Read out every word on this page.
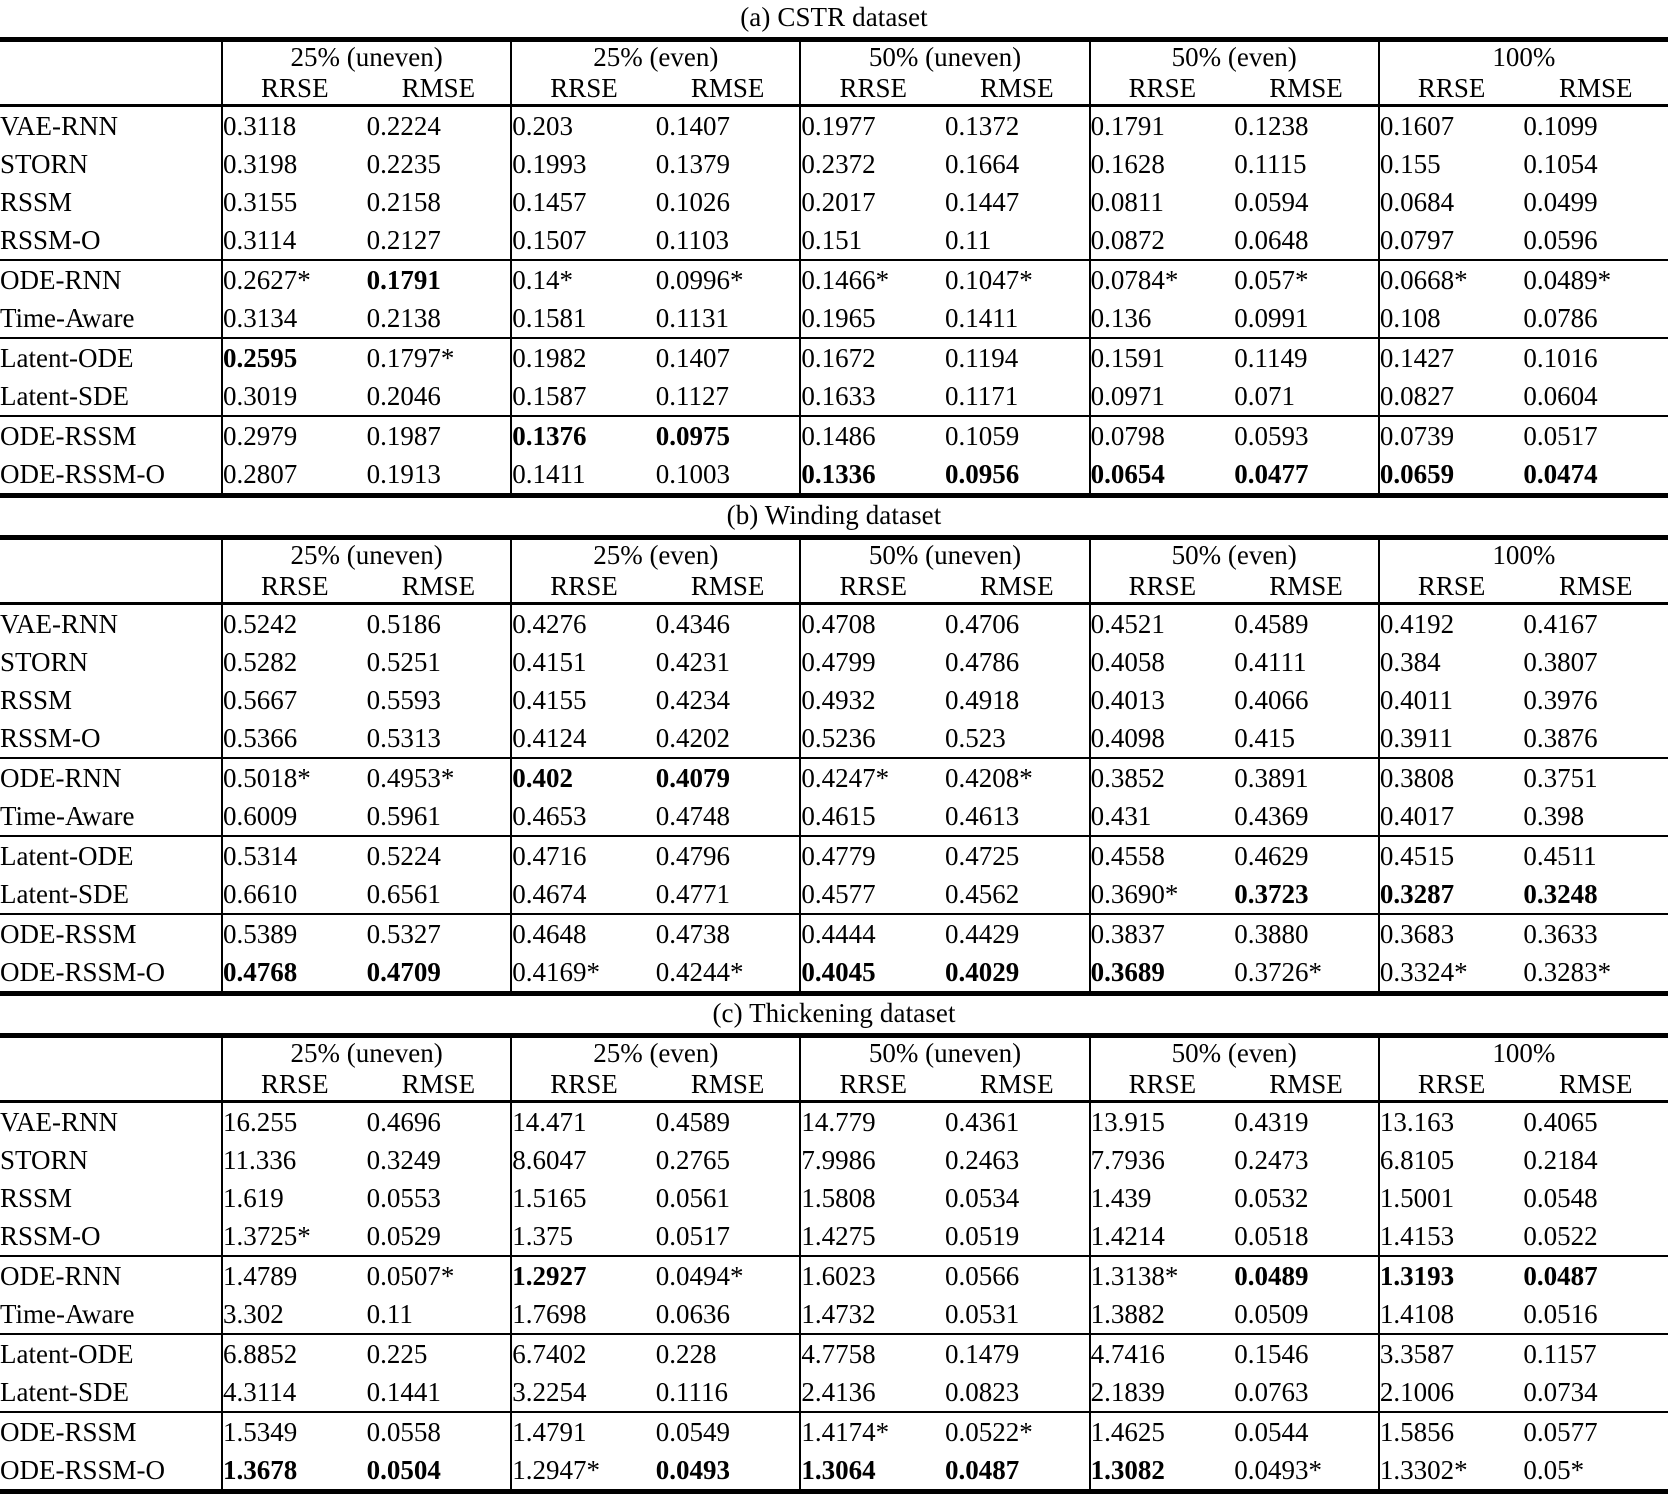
(a) CSTR dataset
	25% (uneven)		25% (even)		50% (uneven)		50% (even)		100%	
	RRSE	RMSE	RRSE	RMSE	RRSE	RMSE	RRSE	RMSE	RRSE	RMSE
VAE-RNN	0.3118	0.2224	0.203	0.1407	0.1977	0.1372	0.1791	0.1238	0.1607	0.1099
STORN	0.3198	0.2235	0.1993	0.1379	0.2372	0.1664	0.1628	0.1115	0.155	0.1054
RSSM	0.3155	0.2158	0.1457	0.1026	0.2017	0.1447	0.0811	0.0594	0.0684	0.0499
RSSM-O	0.3114	0.2127	0.1507	0.1103	0.151	0.11	0.0872	0.0648	0.0797	0.0596
ODE-RNN	0.2627*	0.1791	0.14*	0.0996*	0.1466*	0.1047*	0.0784*	0.057*	0.0668*	0.0489*
Time-Aware	0.3134	0.2138	0.1581	0.1131	0.1965	0.1411	0.136	0.0991	0.108	0.0786
Latent-ODE	0.2595	0.1797*	0.1982	0.1407	0.1672	0.1194	0.1591	0.1149	0.1427	0.1016
Latent-SDE	0.3019	0.2046	0.1587	0.1127	0.1633	0.1171	0.0971	0.071	0.0827	0.0604
ODE-RSSM	0.2979	0.1987	0.1376	0.0975	0.1486	0.1059	0.0798	0.0593	0.0739	0.0517
ODE-RSSM-O	0.2807	0.1913	0.1411	0.1003	0.1336	0.0956	0.0654	0.0477	0.0659	0.0474
(b) Winding dataset
	25% (uneven)		25% (even)		50% (uneven)		50% (even)		100%	
	RRSE	RMSE	RRSE	RMSE	RRSE	RMSE	RRSE	RMSE	RRSE	RMSE
VAE-RNN	0.5242	0.5186	0.4276	0.4346	0.4708	0.4706	0.4521	0.4589	0.4192	0.4167
STORN	0.5282	0.5251	0.4151	0.4231	0.4799	0.4786	0.4058	0.4111	0.384	0.3807
RSSM	0.5667	0.5593	0.4155	0.4234	0.4932	0.4918	0.4013	0.4066	0.4011	0.3976
RSSM-O	0.5366	0.5313	0.4124	0.4202	0.5236	0.523	0.4098	0.415	0.3911	0.3876
ODE-RNN	0.5018*	0.4953*	0.402	0.4079	0.4247*	0.4208*	0.3852	0.3891	0.3808	0.3751
Time-Aware	0.6009	0.5961	0.4653	0.4748	0.4615	0.4613	0.431	0.4369	0.4017	0.398
Latent-ODE	0.5314	0.5224	0.4716	0.4796	0.4779	0.4725	0.4558	0.4629	0.4515	0.4511
Latent-SDE	0.6610	0.6561	0.4674	0.4771	0.4577	0.4562	0.3690*	0.3723	0.3287	0.3248
ODE-RSSM	0.5389	0.5327	0.4648	0.4738	0.4444	0.4429	0.3837	0.3880	0.3683	0.3633
ODE-RSSM-O	0.4768	0.4709	0.4169*	0.4244*	0.4045	0.4029	0.3689	0.3726*	0.3324*	0.3283*
(c) Thickening dataset
	25% (uneven)		25% (even)		50% (uneven)		50% (even)		100%	
	RRSE	RMSE	RRSE	RMSE	RRSE	RMSE	RRSE	RMSE	RRSE	RMSE
VAE-RNN	16.255	0.4696	14.471	0.4589	14.779	0.4361	13.915	0.4319	13.163	0.4065
STORN	11.336	0.3249	8.6047	0.2765	7.9986	0.2463	7.7936	0.2473	6.8105	0.2184
RSSM	1.619	0.0553	1.5165	0.0561	1.5808	0.0534	1.439	0.0532	1.5001	0.0548
RSSM-O	1.3725*	0.0529	1.375	0.0517	1.4275	0.0519	1.4214	0.0518	1.4153	0.0522
ODE-RNN	1.4789	0.0507*	1.2927	0.0494*	1.6023	0.0566	1.3138*	0.0489	1.3193	0.0487
Time-Aware	3.302	0.11	1.7698	0.0636	1.4732	0.0531	1.3882	0.0509	1.4108	0.0516
Latent-ODE	6.8852	0.225	6.7402	0.228	4.7758	0.1479	4.7416	0.1546	3.3587	0.1157
Latent-SDE	4.3114	0.1441	3.2254	0.1116	2.4136	0.0823	2.1839	0.0763	2.1006	0.0734
ODE-RSSM	1.5349	0.0558	1.4791	0.0549	1.4174*	0.0522*	1.4625	0.0544	1.5856	0.0577
ODE-RSSM-O	1.3678	0.0504	1.2947*	0.0493	1.3064	0.0487	1.3082	0.0493*	1.3302*	0.05*
